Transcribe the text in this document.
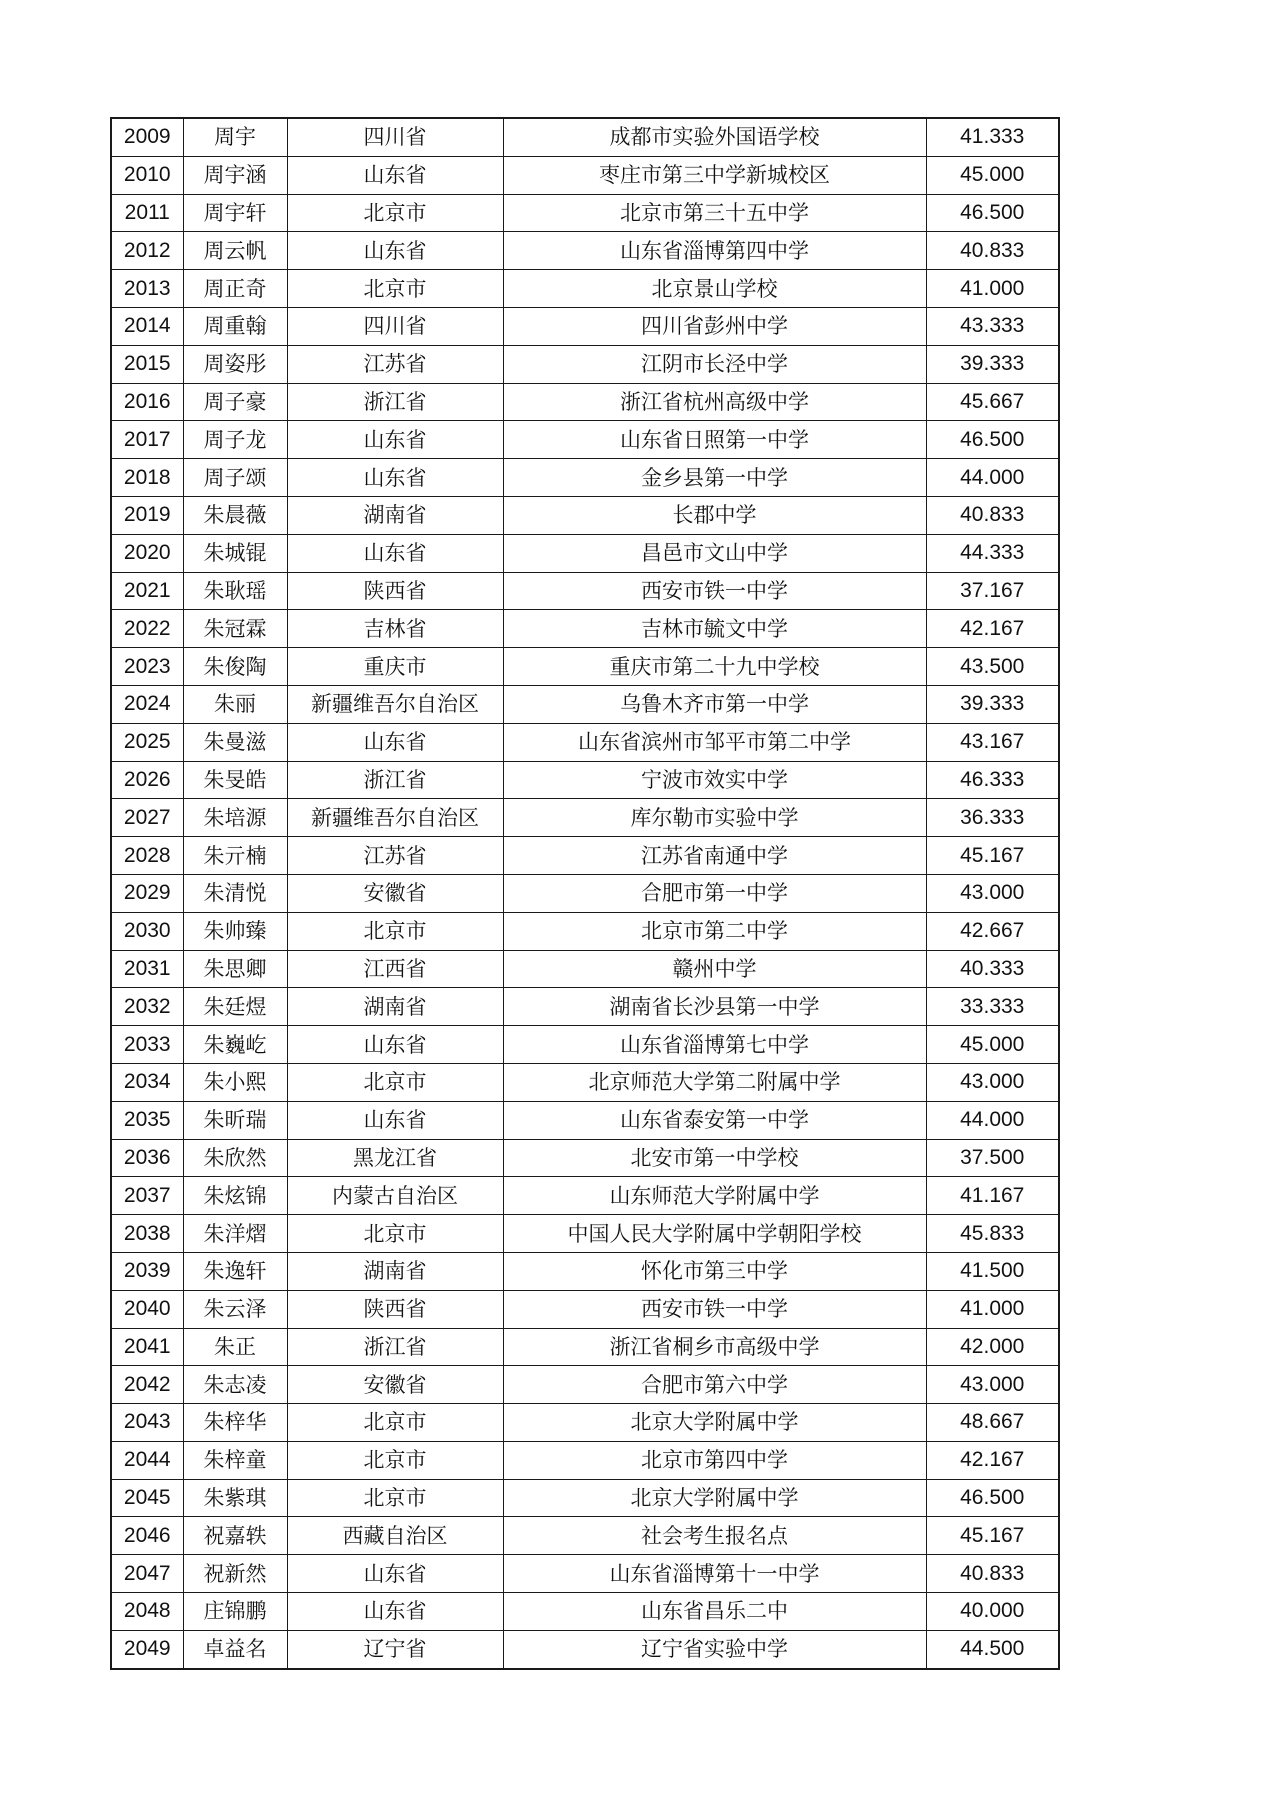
2009	周宇	四川省	成都市实验外国语学校	41.333
2010	周宇涵	山东省	枣庄市第三中学新城校区	45.000
2011	周宇轩	北京市	北京市第三十五中学	46.500
2012	周云帆	山东省	山东省淄博第四中学	40.833
2013	周正奇	北京市	北京景山学校	41.000
2014	周重翰	四川省	四川省彭州中学	43.333
2015	周姿彤	江苏省	江阴市长泾中学	39.333
2016	周子豪	浙江省	浙江省杭州高级中学	45.667
2017	周子龙	山东省	山东省日照第一中学	46.500
2018	周子颂	山东省	金乡县第一中学	44.000
2019	朱晨薇	湖南省	长郡中学	40.833
2020	朱城锟	山东省	昌邑市文山中学	44.333
2021	朱耿瑶	陕西省	西安市铁一中学	37.167
2022	朱冠霖	吉林省	吉林市毓文中学	42.167
2023	朱俊陶	重庆市	重庆市第二十九中学校	43.500
2024	朱丽	新疆维吾尔自治区	乌鲁木齐市第一中学	39.333
2025	朱曼滋	山东省	山东省滨州市邹平市第二中学	43.167
2026	朱旻皓	浙江省	宁波市效实中学	46.333
2027	朱培源	新疆维吾尔自治区	库尔勒市实验中学	36.333
2028	朱亓楠	江苏省	江苏省南通中学	45.167
2029	朱清悦	安徽省	合肥市第一中学	43.000
2030	朱帅臻	北京市	北京市第二中学	42.667
2031	朱思卿	江西省	赣州中学	40.333
2032	朱廷煜	湖南省	湖南省长沙县第一中学	33.333
2033	朱巍屹	山东省	山东省淄博第七中学	45.000
2034	朱小熙	北京市	北京师范大学第二附属中学	43.000
2035	朱昕瑞	山东省	山东省泰安第一中学	44.000
2036	朱欣然	黑龙江省	北安市第一中学校	37.500
2037	朱炫锦	内蒙古自治区	山东师范大学附属中学	41.167
2038	朱洋熠	北京市	中国人民大学附属中学朝阳学校	45.833
2039	朱逸轩	湖南省	怀化市第三中学	41.500
2040	朱云泽	陕西省	西安市铁一中学	41.000
2041	朱正	浙江省	浙江省桐乡市高级中学	42.000
2042	朱志凌	安徽省	合肥市第六中学	43.000
2043	朱梓华	北京市	北京大学附属中学	48.667
2044	朱梓童	北京市	北京市第四中学	42.167
2045	朱紫琪	北京市	北京大学附属中学	46.500
2046	祝嘉轶	西藏自治区	社会考生报名点	45.167
2047	祝新然	山东省	山东省淄博第十一中学	40.833
2048	庄锦鹏	山东省	山东省昌乐二中	40.000
2049	卓益名	辽宁省	辽宁省实验中学	44.500
